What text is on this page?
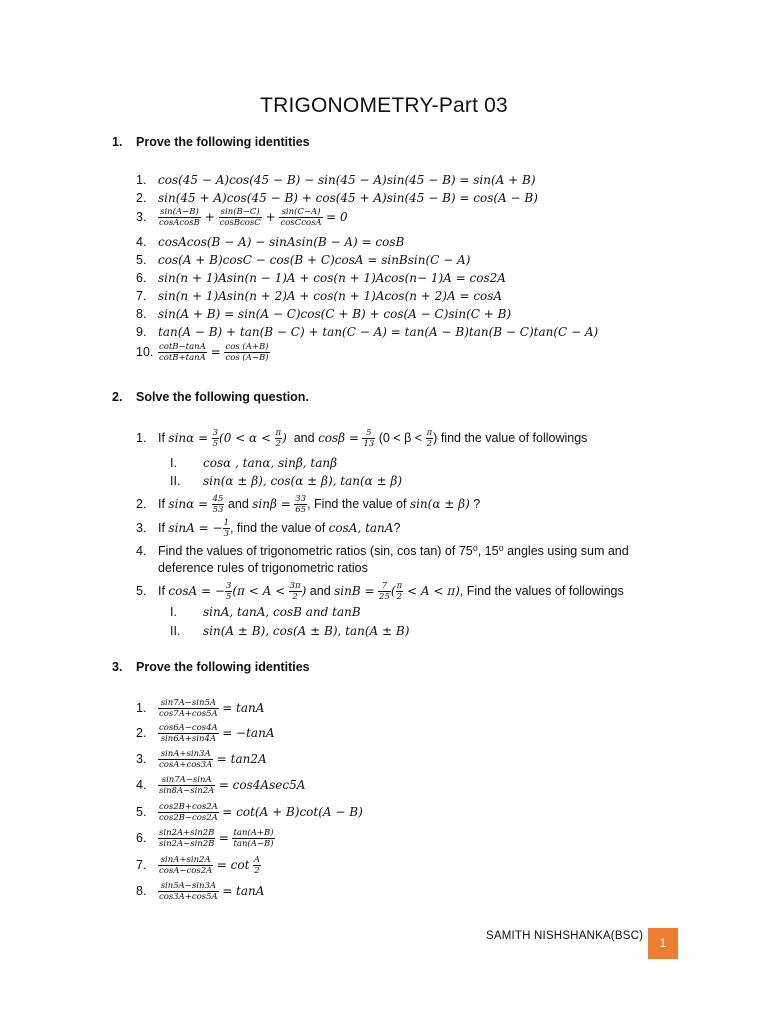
TRIGONOMETRY-Part 03
1. Prove the following identities
1. cos(45 − A)cos(45 − B) − sin(45 − A)sin(45 − B) = sin(A + B)
2. sin(45 + A)cos(45 − B) + cos(45 + A)sin(45 − B) = cos(A − B)
3. $\frac{\sin(A-B)}{\text{cosAcosB}} + \frac{\sin(B-C)}{\text{cosBcosC}} + \frac{\sin(C-A)}{\text{cosCcosA}} = 0$
4. cosAcos(B − A) − sinAsin(B − A) = cosB
5. cos(A + B)cosC − cos(B + C)cosA = sinBsin(C − A)
6. sin(n + 1)Asin(n − 1)A + cos(n + 1)Acos(n− 1)A = cos2A
7. sin(n + 1)Asin(n + 2)A + cos(n + 1)Acos(n + 2)A = cosA
8. sin(A + B) = sin(A − C)cos(C + B) + cos(A − C)sin(C + B)
9. tan(A − B) + tan(B − C) + tan(C − A) = tan(A − B)tan(B − C)tan(C − A)
10. $\frac{\cot B-\tan A}{\cot B+\tan A} = \frac{\cos (A+B)}{\cos (A-B)}$
2. Solve the following question.
1. If $\sin\alpha = \frac{3}{5} (0 < \alpha < \frac{\pi}{2}$ )  and $\cos\beta = \frac{5}{13} (0 < \beta < \frac{\pi}{2}$ ) find the value of followings
I. cosα , tanα, sinβ, tanβ
II. sin(α ± β), cos(α ± β), tan(α ± β)
2. If $\sin\alpha = \frac{45}{53}$ and $\sin\beta = \frac{33}{65}$ , Find the value of sin(α ± β) ?
3. If sinA = − $\frac{1}{3}$ , find the value of cosA, tanA?
4. Find the values of trigonometric ratios (sin, cos tan) of 75⁰, 15⁰ angles using sum and
deference rules of trigonometric ratios
5. If cosA = − $\frac{3}{5} (\pi < A < \frac{3\pi}{2}$ ) and $\sin B = \frac{7}{25}$ ( $\frac{\pi}{2} < A < \pi$), Find the values of followings
I. sinA, tanA, cosB and tanB
II. sin(A ± B), cos(A ± B), tan(A ± B)
3. Prove the following identities
1. $\frac{\sin 7A-\sin 5A}{\cos 7A+\cos 5A} = \tan A$
2. $\frac{\cos 6A-\cos 4A}{\sin 6A+\sin 4A} = -\tan A$
3. $\frac{\sin A+\sin 3A}{\cos A+\cos 3A} = \tan 2A$
4. $\frac{\sin 7A-\sin A}{\sin 8A-\sin 2A} = \cos 4Asec5A$
5. $\frac{\cos 2B+\cos 2A}{\cos 2B-\cos 2A} = \cot(A + B)\cot(A - B)$
6. $\frac{\sin 2A+\sin 2B}{\sin 2A-\sin 2B} = \frac{\tan(A+B)}{\tan(A-B)}$
7. $\frac{\sin A+\sin 2A}{\cos A-\cos 2A} = \cot \frac{A}{2}$
8. $\frac{\sin 5A-\sin 3A}{\cos 3A+\cos 5A} = \tan A$
SAMITH NISHSHANKA(BSC)	1
